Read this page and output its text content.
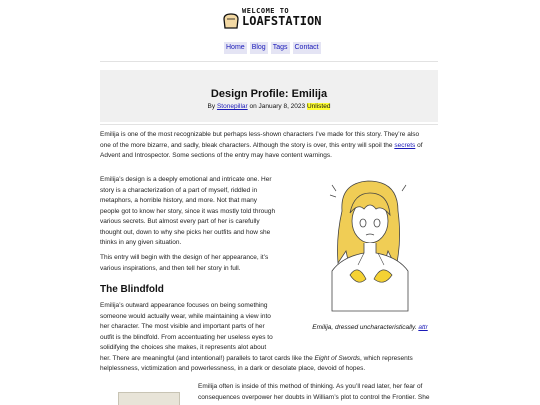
WELCOME TO
LOAFSTATION
Home Blog Tags Contact
Design Profile: Emilija
By Stonepillar on January 8, 2023 Unlisted
Emilija is one of the most recognizable but perhaps less-shown characters I’ve made for this story. They’re also
one of the more bizarre, and sadly, bleak characters. Although the story is over, this entry will spoil the secrets of
Advent and Introspector. Some sections of the entry may have content warnings.
Emilija’s design is a deeply emotional and intricate one. Her
story is a characterization of a part of myself, riddled in
metaphors, a horrible history, and more. Not that many
people got to know her story, since it was mostly told through
various secrets. But almost every part of her is carefully
thought out, down to why she picks her outfits and how she
thinks in any given situation.
This entry will begin with the design of her appearance, it’s
various inspirations, and then tell her story in full.
The Blindfold
Emilija’s outward appearance focuses on being something
someone would actually wear, while maintaining a view into
her character. The most visible and important parts of her
outfit is the blindfold. From accentuating her useless eyes to
solidifying the choices she makes, it represents alot about
her. There are meaningful (and intentional!) parallels to tarot cards like the Eight of Swords, which represents
helplessness, victimization and powerlessness, in a dark or desolate place, devoid of hopes.
Emilija, dressed uncharacteristically. attr
Emilija often is inside of this method of thinking. As you’ll read later, her fear of
consequences overpower her doubts in William’s plot to control the Frontier. She
